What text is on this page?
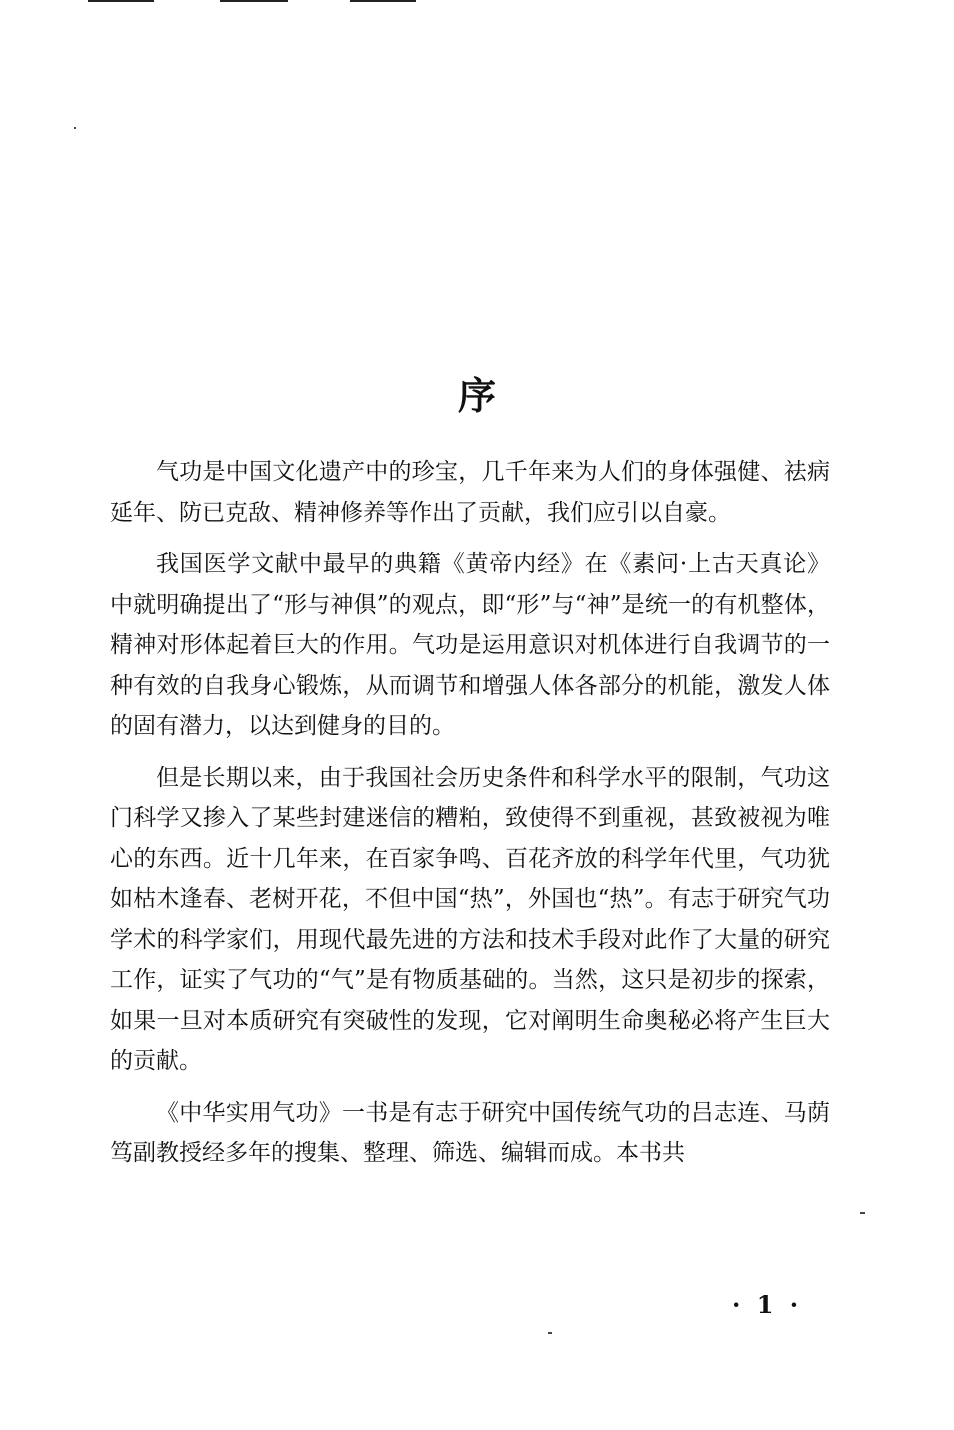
序

气功是中国文化遗产中的珍宝，几千年来为人们的身体强健、祛病延年、防已克敌、精神修养等作出了贡献，我们应引以自豪。

我国医学文献中最早的典籍《黄帝内经》在《素问·上古天真论》中就明确提出了“形与神俱”的观点，即“形”与“神”是统一的有机整体，精神对形体起着巨大的作用。气功是运用意识对机体进行自我调节的一种有效的自我身心锻炼，从而调节和增强人体各部分的机能，激发人体的固有潜力，以达到健身的目的。

但是长期以来，由于我国社会历史条件和科学水平的限制，气功这门科学又掺入了某些封建迷信的糟粕，致使得不到重视，甚致被视为唯心的东西。近十几年来，在百家争鸣、百花齐放的科学年代里，气功犹如枯木逢春、老树开花，不但中国“热”，外国也“热”。有志于研究气功学术的科学家们，用现代最先进的方法和技术手段对此作了大量的研究工作，证实了气功的“气”是有物质基础的。当然，这只是初步的探索，如果一旦对本质研究有突破性的发现，它对阐明生命奥秘必将产生巨大的贡献。

《中华实用气功》一书是有志于研究中国传统气功的吕志连、马荫笃副教授经多年的搜集、整理、筛选、编辑而成。本书共

· 1 ·
